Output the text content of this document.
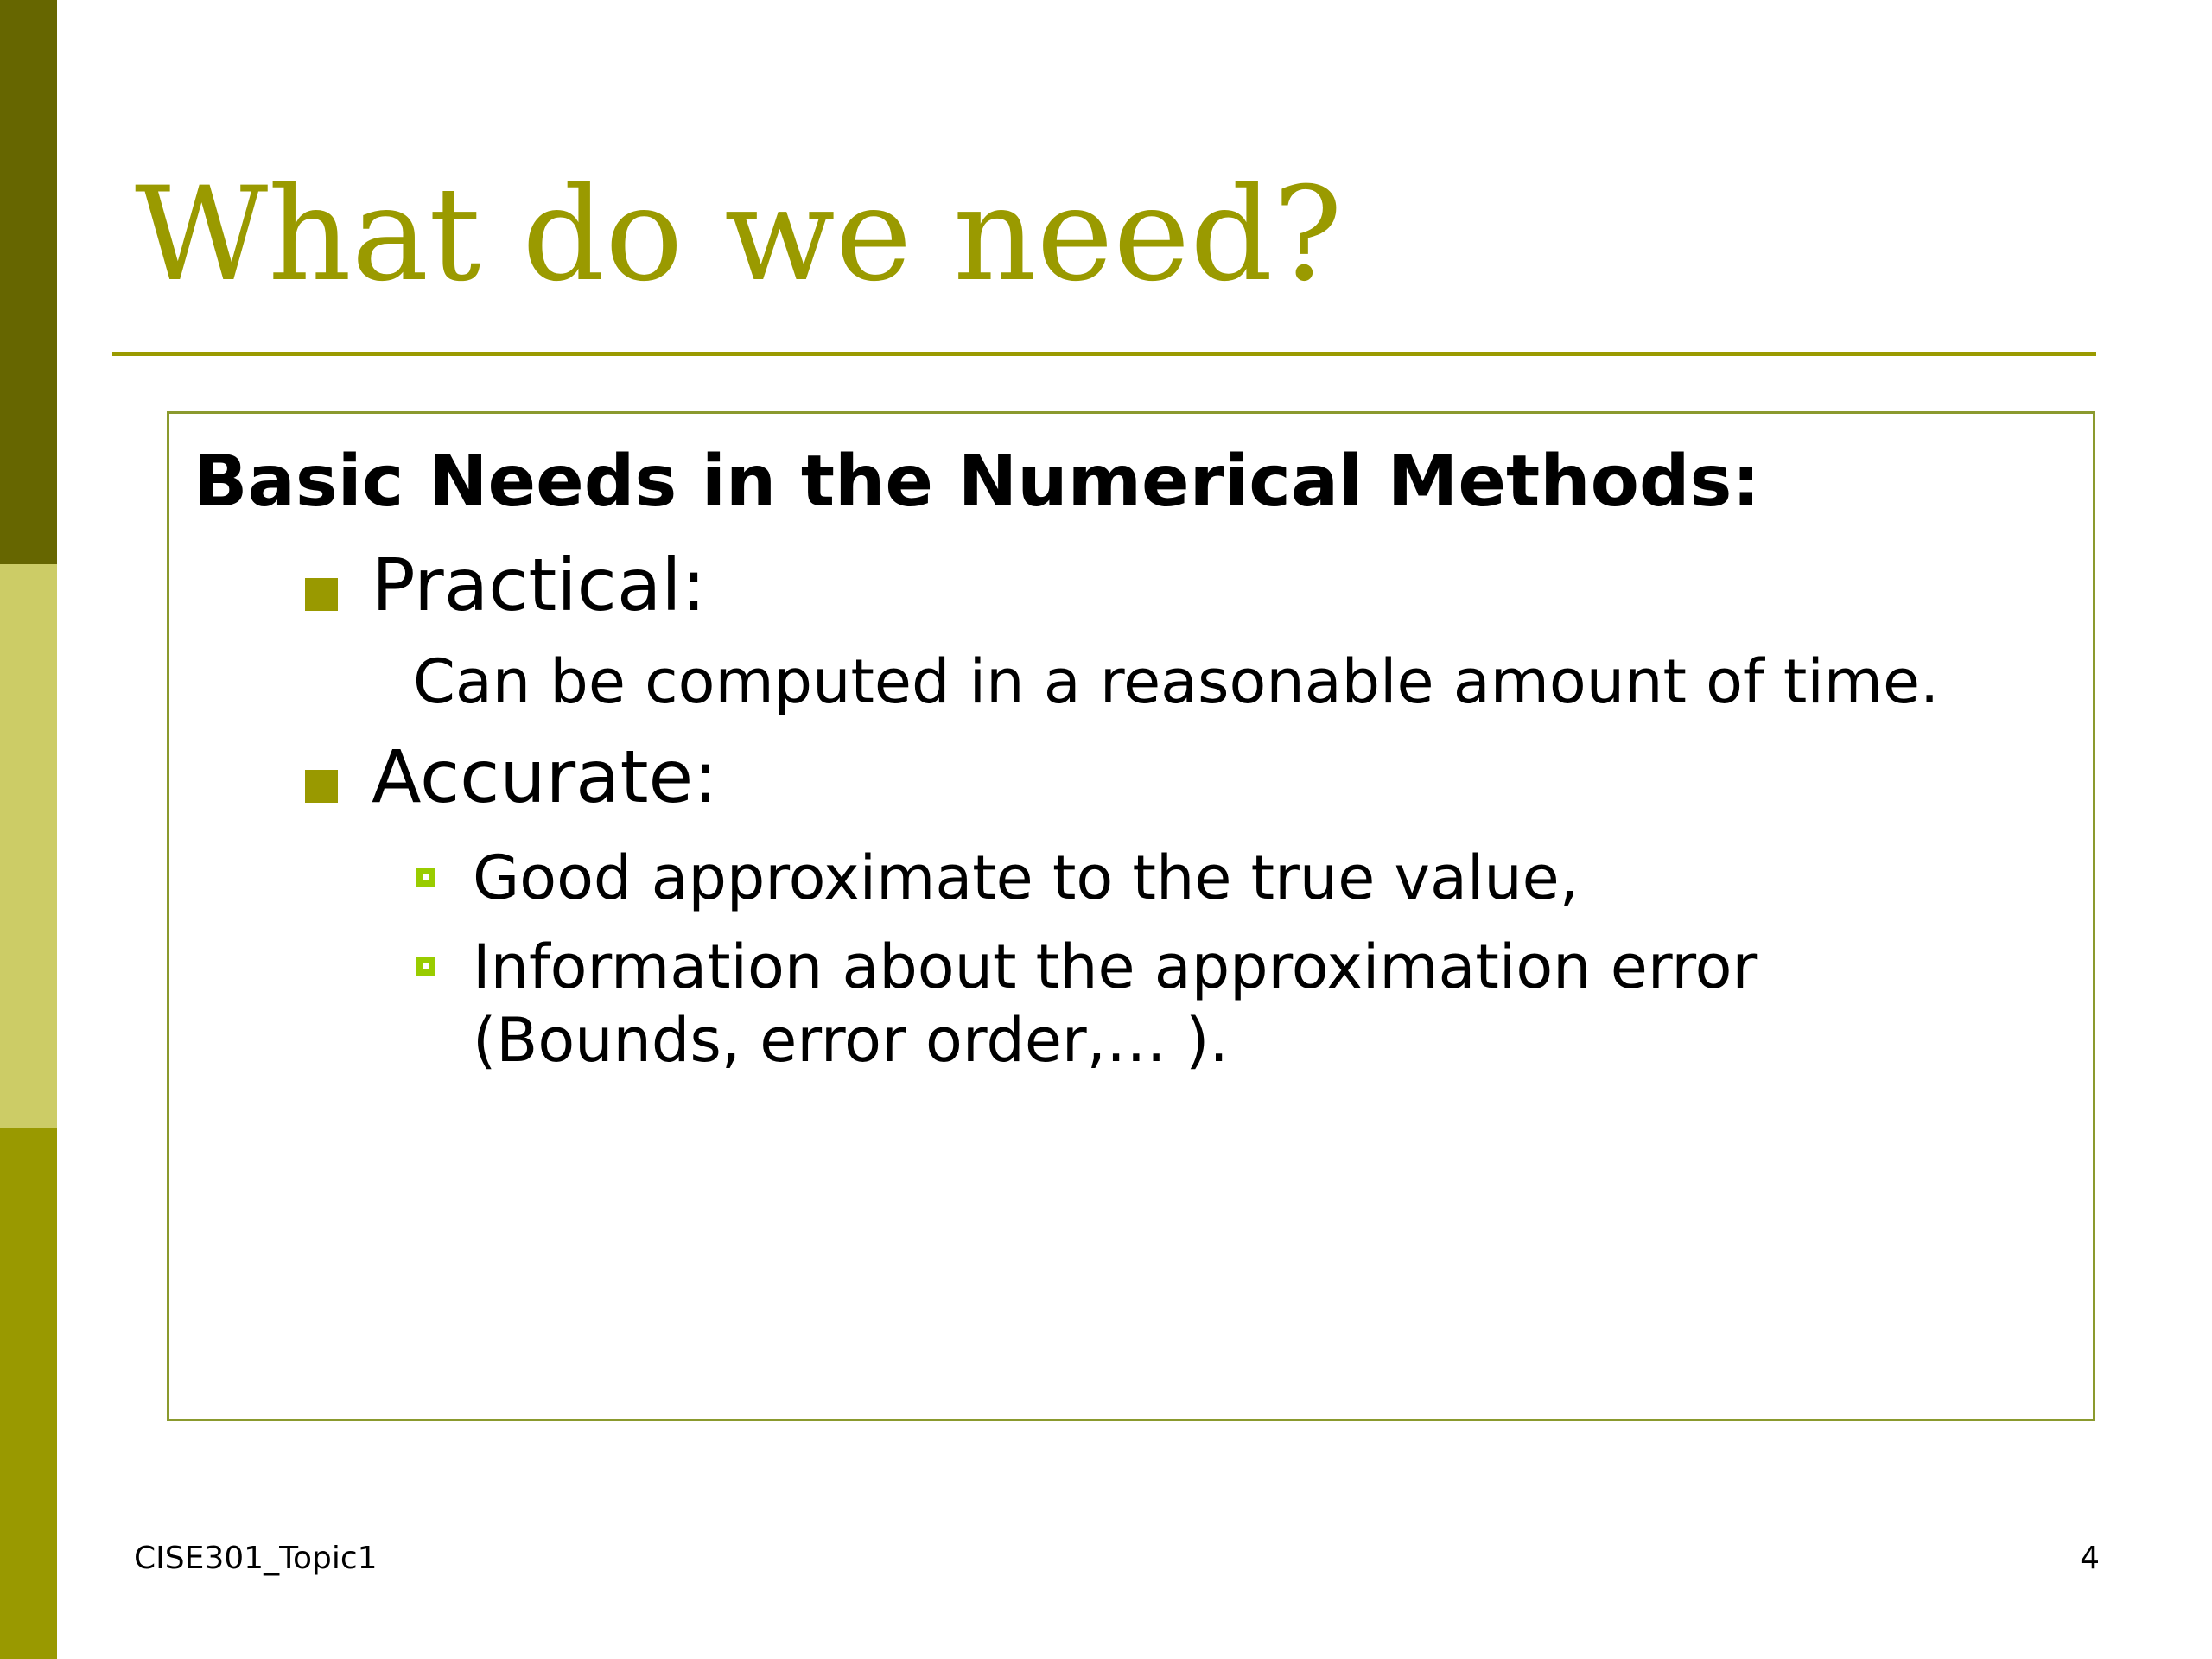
What do we need?
Basic Needs in the Numerical Methods:
Practical:
Can be computed in a reasonable amount of time.
Accurate:
Good approximate to the true value,
Information about the approximation error
(Bounds, error order,… ).
CISE301_Topic1	4
